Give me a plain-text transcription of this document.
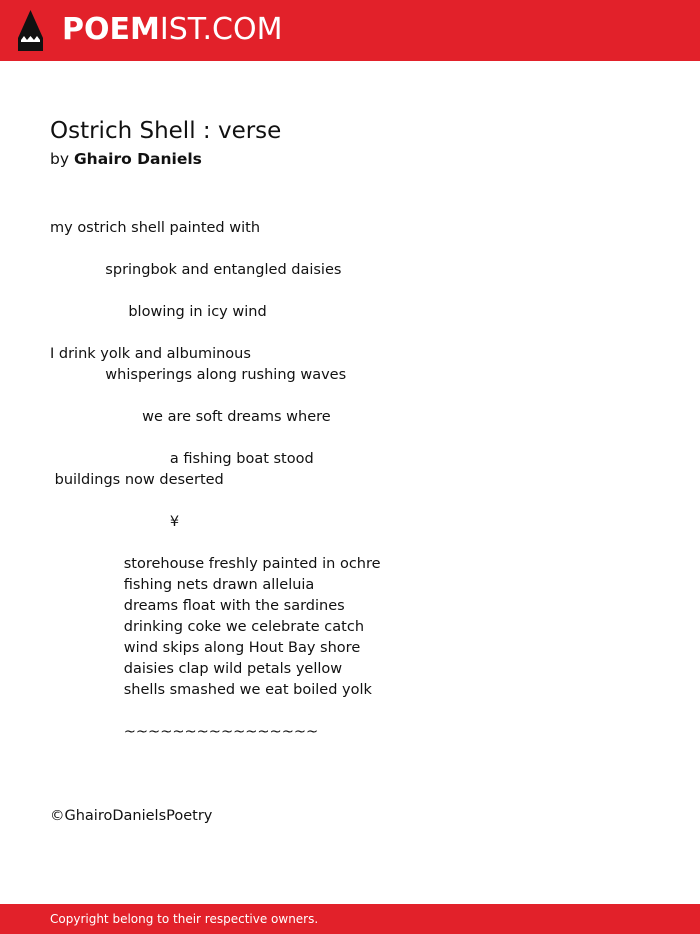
POEMIST.COM
Ostrich Shell : verse
by Ghairo Daniels
my ostrich shell painted with
springbok and entangled daisies
blowing in icy wind
I drink yolk and albuminous
whisperings along rushing waves
we are soft dreams where
a fishing boat stood
buildings now deserted
¥
storehouse freshly painted in ochre
fishing nets drawn alleluia
dreams float with the sardines
drinking coke we celebrate catch
wind skips along Hout Bay shore
daisies clap wild petals yellow
shells smashed we eat boiled yolk
~~~~~~~~~~~~~~~~
©GhairoDanielsPoetry
Copyright belong to their respective owners.
